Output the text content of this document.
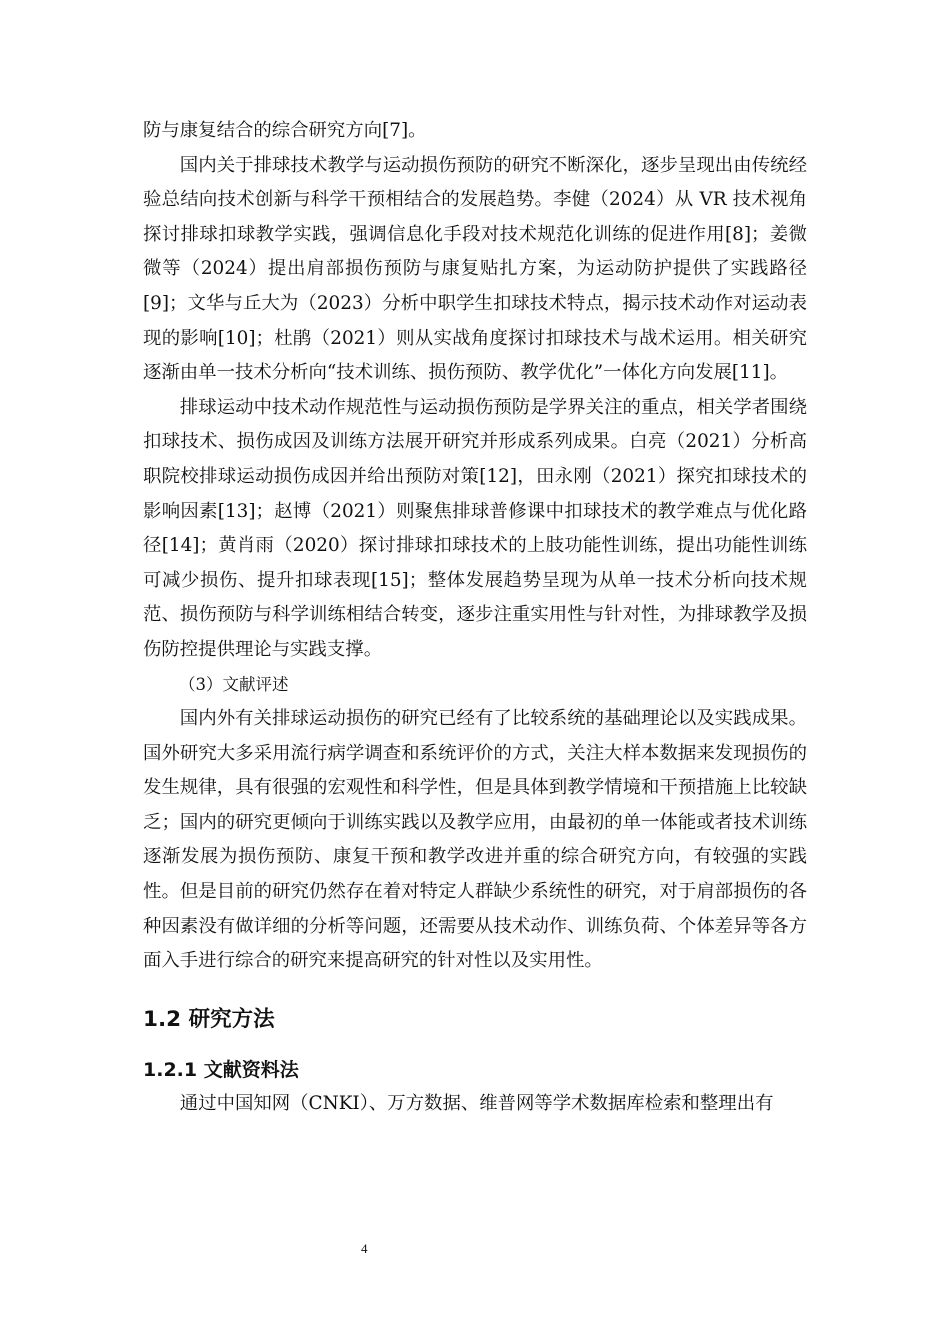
防与康复结合的综合研究方向[7]。

国内关于排球技术教学与运动损伤预防的研究不断深化，逐步呈现出由传统经验总结向技术创新与科学干预相结合的发展趋势。李健（2024）从 VR 技术视角探讨排球扣球教学实践，强调信息化手段对技术规范化训练的促进作用[8]；姜微微等（2024）提出肩部损伤预防与康复贴扎方案，为运动防护提供了实践路径[9]；文华与丘大为（2023）分析中职学生扣球技术特点，揭示技术动作对运动表现的影响[10]；杜鹃（2021）则从实战角度探讨扣球技术与战术运用。相关研究逐渐由单一技术分析向“技术训练、损伤预防、教学优化”一体化方向发展[11]。

排球运动中技术动作规范性与运动损伤预防是学界关注的重点，相关学者围绕扣球技术、损伤成因及训练方法展开研究并形成系列成果。白亮（2021）分析高职院校排球运动损伤成因并给出预防对策[12]，田永刚（2021）探究扣球技术的影响因素[13]；赵博（2021）则聚焦排球普修课中扣球技术的教学难点与优化路径[14]；黄肖雨（2020）探讨排球扣球技术的上肢功能性训练，提出功能性训练可减少损伤、提升扣球表现[15]；整体发展趋势呈现为从单一技术分析向技术规范、损伤预防与科学训练相结合转变，逐步注重实用性与针对性，为排球教学及损伤防控提供理论与实践支撑。

（3）文献评述

国内外有关排球运动损伤的研究已经有了比较系统的基础理论以及实践成果。国外研究大多采用流行病学调查和系统评价的方式，关注大样本数据来发现损伤的发生规律，具有很强的宏观性和科学性，但是具体到教学情境和干预措施上比较缺乏；国内的研究更倾向于训练实践以及教学应用，由最初的单一体能或者技术训练逐渐发展为损伤预防、康复干预和教学改进并重的综合研究方向，有较强的实践性。但是目前的研究仍然存在着对特定人群缺少系统性的研究，对于肩部损伤的各种因素没有做详细的分析等问题，还需要从技术动作、训练负荷、个体差异等各方面入手进行综合的研究来提高研究的针对性以及实用性。

1.2 研究方法
1.2.1 文献资料法

通过中国知网（CNKI）、万方数据、维普网等学术数据库检索和整理出有

4
